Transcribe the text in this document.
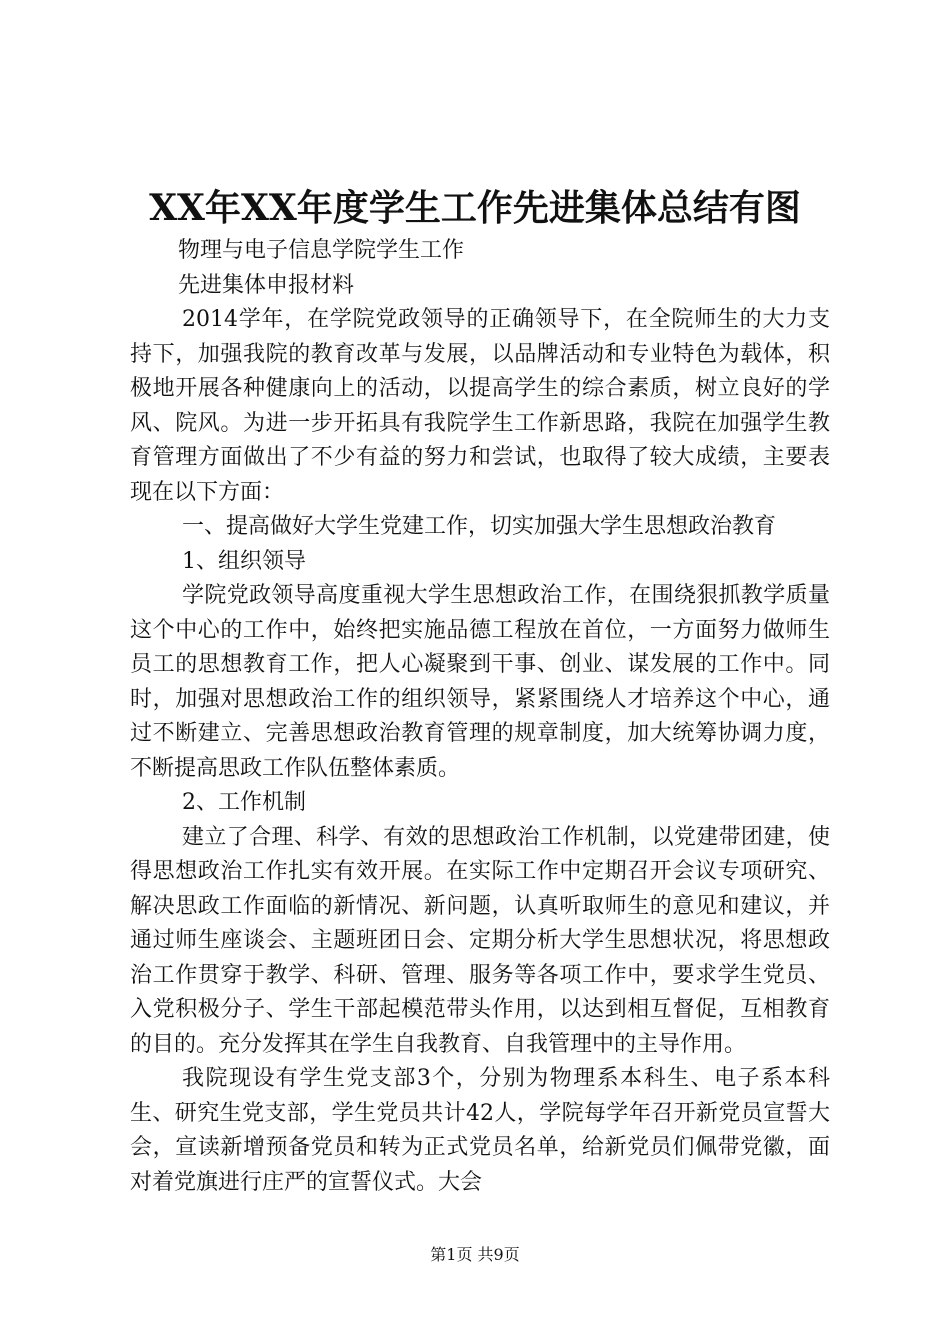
XX年XX年度学生工作先进集体总结有图

物理与电子信息学院学生工作

先进集体申报材料

2014学年，在学院党政领导的正确领导下，在全院师生的大力支持下，加强我院的教育改革与发展，以品牌活动和专业特色为载体，积极地开展各种健康向上的活动，以提高学生的综合素质，树立良好的学风、院风。为进一步开拓具有我院学生工作新思路，我院在加强学生教育管理方面做出了不少有益的努力和尝试，也取得了较大成绩，主要表现在以下方面：

一、提高做好大学生党建工作，切实加强大学生思想政治教育

1、组织领导

学院党政领导高度重视大学生思想政治工作，在围绕狠抓教学质量这个中心的工作中，始终把实施品德工程放在首位，一方面努力做师生员工的思想教育工作，把人心凝聚到干事、创业、谋发展的工作中。同时，加强对思想政治工作的组织领导，紧紧围绕人才培养这个中心，通过不断建立、完善思想政治教育管理的规章制度，加大统筹协调力度，不断提高思政工作队伍整体素质。

2、工作机制

建立了合理、科学、有效的思想政治工作机制，以党建带团建，使得思想政治工作扎实有效开展。在实际工作中定期召开会议专项研究、解决思政工作面临的新情况、新问题，认真听取师生的意见和建议，并通过师生座谈会、主题班团日会、定期分析大学生思想状况，将思想政治工作贯穿于教学、科研、管理、服务等各项工作中，要求学生党员、入党积极分子、学生干部起模范带头作用，以达到相互督促，互相教育的目的。充分发挥其在学生自我教育、自我管理中的主导作用。

我院现设有学生党支部3个，分别为物理系本科生、电子系本科生、研究生党支部，学生党员共计42人，学院每学年召开新党员宣誓大会，宣读新增预备党员和转为正式党员名单，给新党员们佩带党徽，面对着党旗进行庄严的宣誓仪式。大会

第1页 共9页
